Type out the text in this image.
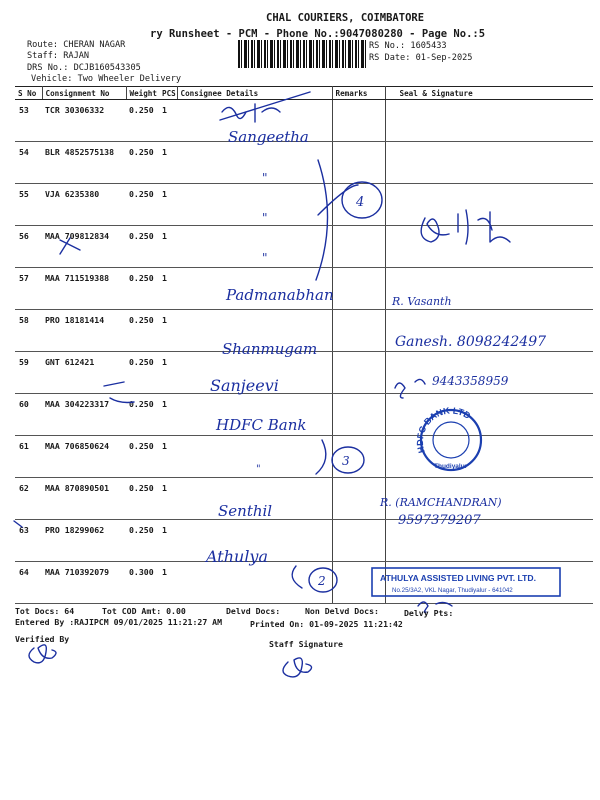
CHAL COURIERS, COIMBATORE
ry Runsheet - PCM - Phone No.:9047080280 - Page No.:5
Route: CHERAN NAGAR
Staff: RAJAN
DRS No.: DCJB160543305
Vehicle: Two Wheeler Delivery
RS No.: 1605433
RS Date: 01-Sep-2025
S No	Consignment No	Weight	PCS	Consignee Details	Remarks	Seal & Signature
53	TCR 30306332	0.250	1			
54	BLR 4852575138	0.250	1			
55	VJA 6235380	0.250	1			
56	MAA 709812834	0.250	1			
57	MAA 711519388	0.250	1			
58	PRO 18181414	0.250	1			
59	GNT 612421	0.250	1			
60	MAA 304223317	0.250	1			
61	MAA 706850624	0.250	1			
62	MAA 870890501	0.250	1			
63	PRO 18299062	0.250	1			
64	MAA 710392079	0.300	1			
Sangeetha
"
"
"
4
Padmanabhan	R. Vasanth
Shanmugam	Ganesh. 8098242497
Sanjeevi	9443358959
HDFC Bank
3
"
HDFC BANK LTD
Thudiyalur
Senthil	R. (RAMCHANDRAN)
9597379207
Athulya
2	ATHULYA ASSISTED LIVING PVT. LTD.
No.25/3A2, VKL Nagar, Thudiyalur - 641042
Tot Docs: 64	Tot COD Amt: 0.00	Delvd Docs:	Non Delvd Docs:	Delvy Pts:
Entered By :RAJIPCM 09/01/2025 11:21:27 AM	Printed On: 01-09-2025 11:21:42
Verified By	Staff Signature
